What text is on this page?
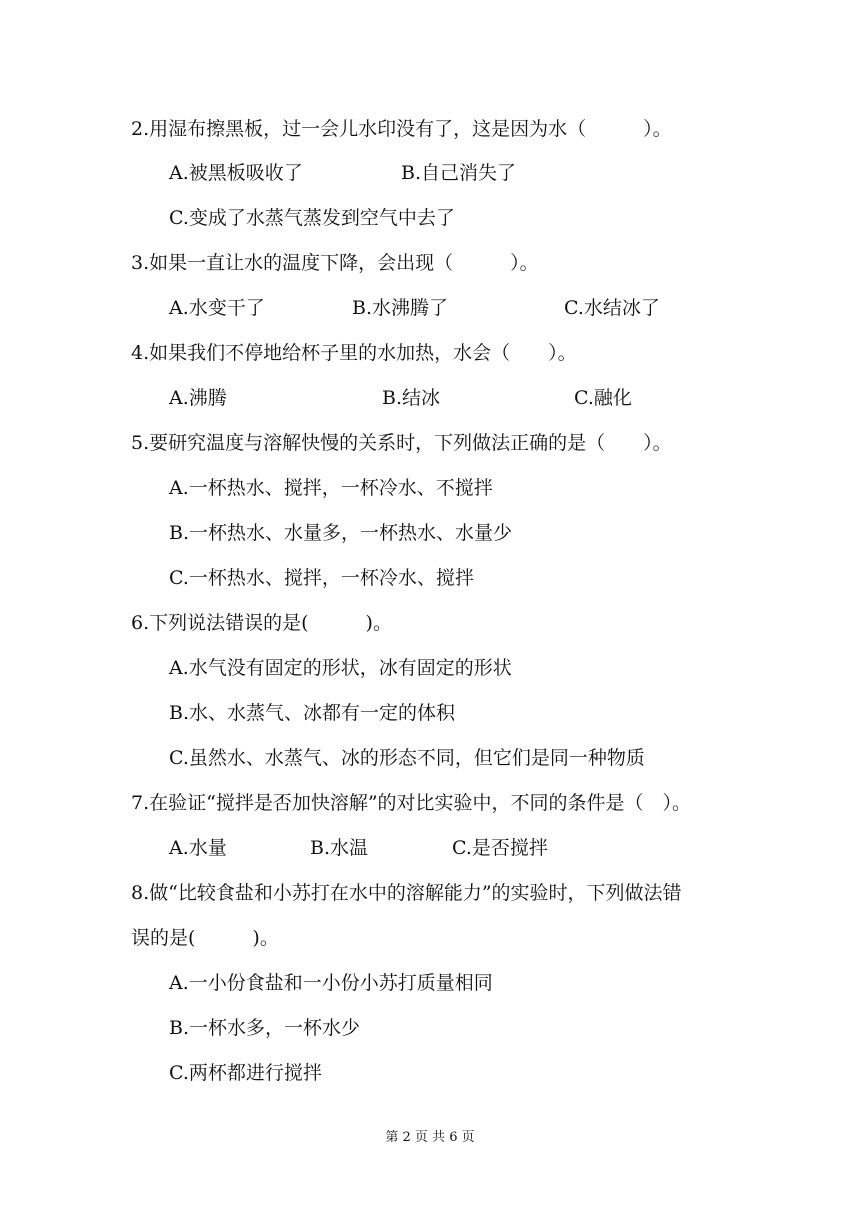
2.用湿布擦黑板，过一会儿水印没有了，这是因为水（　　　）。
A.被黑板吸收了	B.自己消失了
C.变成了水蒸气蒸发到空气中去了
3.如果一直让水的温度下降，会出现（　　　）。
A.水变干了	B.水沸腾了	C.水结冰了
4.如果我们不停地给杯子里的水加热，水会（　　）。
A.沸腾	B.结冰	C.融化
5.要研究温度与溶解快慢的关系时，下列做法正确的是（　　）。
A.一杯热水、搅拌，一杯冷水、不搅拌
B.一杯热水、水量多，一杯热水、水量少
C.一杯热水、搅拌，一杯冷水、搅拌
6.下列说法错误的是(　　　)。
A.水气没有固定的形状，冰有固定的形状
B.水、水蒸气、冰都有一定的体积
C.虽然水、水蒸气、冰的形态不同，但它们是同一种物质
7.在验证“搅拌是否加快溶解”的对比实验中，不同的条件是（　）。
A.水量	B.水温	C.是否搅拌
8.做“比较食盐和小苏打在水中的溶解能力”的实验时，下列做法错
误的是(　　　)。
A.一小份食盐和一小份小苏打质量相同
B.一杯水多，一杯水少
C.两杯都进行搅拌
第 2 页 共 6 页
